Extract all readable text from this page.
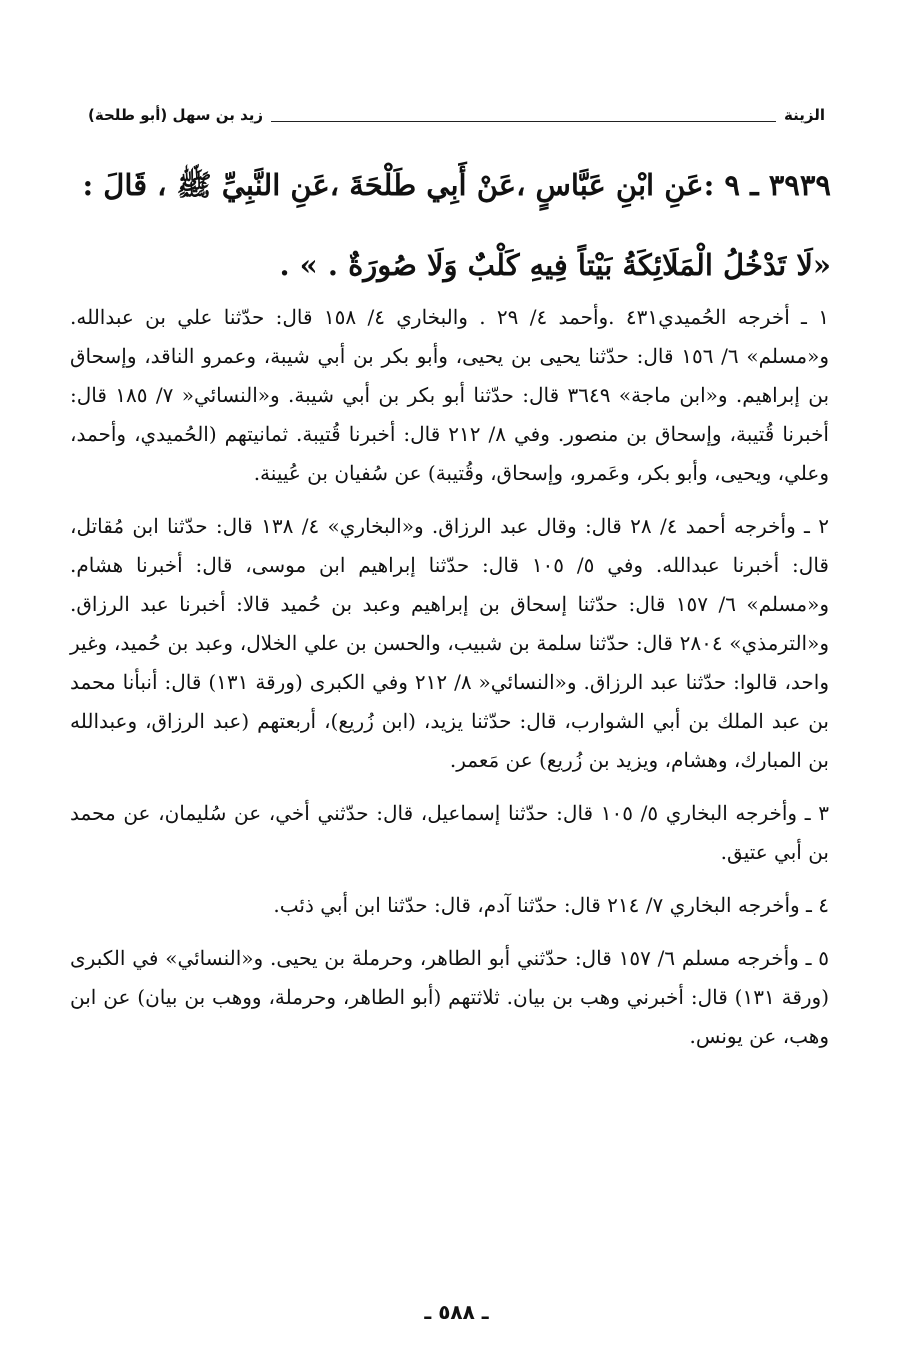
الزينة
زيد بن سهل (أبو طلحة)
٣٩٣٩ ـ ٩ :عَنِ ابْنِ عَبَّاسٍ ،عَنْ أَبِي طَلْحَةَ ،عَنِ النَّبِيِّ ﷺ ، قَالَ :
«لَا تَدْخُلُ الْمَلَائِكَةُ بَيْتاً فِيهِ كَلْبٌ وَلَا صُورَةٌ . » .

١ ـ أخرجه الحُميدي٤٣١ .وأحمد ٤/ ٢٩ . والبخاري ٤/ ١٥٨ قال: حدّثنا علي بن عبدالله. و«مسلم» ٦/ ١٥٦ قال: حدّثنا يحيى بن يحيى، وأبو بكر بن أبي شيبة، وعمرو الناقد، وإسحاق بن إبراهيم. و«ابن ماجة» ٣٦٤٩ قال: حدّثنا أبو بكر بن أبي شيبة. و«النسائي« ٧/ ١٨٥ قال: أخبرنا قُتيبة، وإسحاق بن منصور. وفي ٨/ ٢١٢ قال: أخبرنا قُتيبة. ثمانيتهم (الحُميدي، وأحمد، وعلي، ويحيى، وأبو بكر، وعَمرو، وإسحاق، وقُتيبة) عن سُفيان بن عُيينة.

٢ ـ وأخرجه أحمد ٤/ ٢٨ قال: وقال عبد الرزاق. و«البخاري» ٤/ ١٣٨ قال: حدّثنا ابن مُقاتل، قال: أخبرنا عبدالله. وفي ٥/ ١٠٥ قال: حدّثنا إبراهيم ابن موسى، قال: أخبرنا هشام. و«مسلم» ٦/ ١٥٧ قال: حدّثنا إسحاق بن إبراهيم وعبد بن حُميد قالا: أخبرنا عبد الرزاق. و«الترمذي» ٢٨٠٤ قال: حدّثنا سلمة بن شبيب، والحسن بن علي الخلال، وعبد بن حُميد، وغير واحد، قالوا: حدّثنا عبد الرزاق. و«النسائي« ٨/ ٢١٢ وفي الكبرى (ورقة ١٣١) قال: أنبأنا محمد بن عبد الملك بن أبي الشوارب، قال: حدّثنا يزيد، (ابن زُريع)، أربعتهم (عبد الرزاق، وعبدالله بن المبارك، وهشام، ويزيد بن زُريع) عن مَعمر.

٣ ـ وأخرجه البخاري ٥/ ١٠٥ قال: حدّثنا إسماعيل، قال: حدّثني أخي، عن سُليمان، عن محمد بن أبي عتيق.

٤ ـ وأخرجه البخاري ٧/ ٢١٤ قال: حدّثنا آدم، قال: حدّثنا ابن أبي ذئب.

٥ ـ وأخرجه مسلم ٦/ ١٥٧ قال: حدّثني أبو الطاهر، وحرملة بن يحيى. و«النسائي» في الكبرى (ورقة ١٣١) قال: أخبرني وهب بن بيان. ثلاثتهم (أبو الطاهر، وحرملة، ووهب بن بيان) عن ابن وهب، عن يونس.

ـ ٥٨٨ ـ
